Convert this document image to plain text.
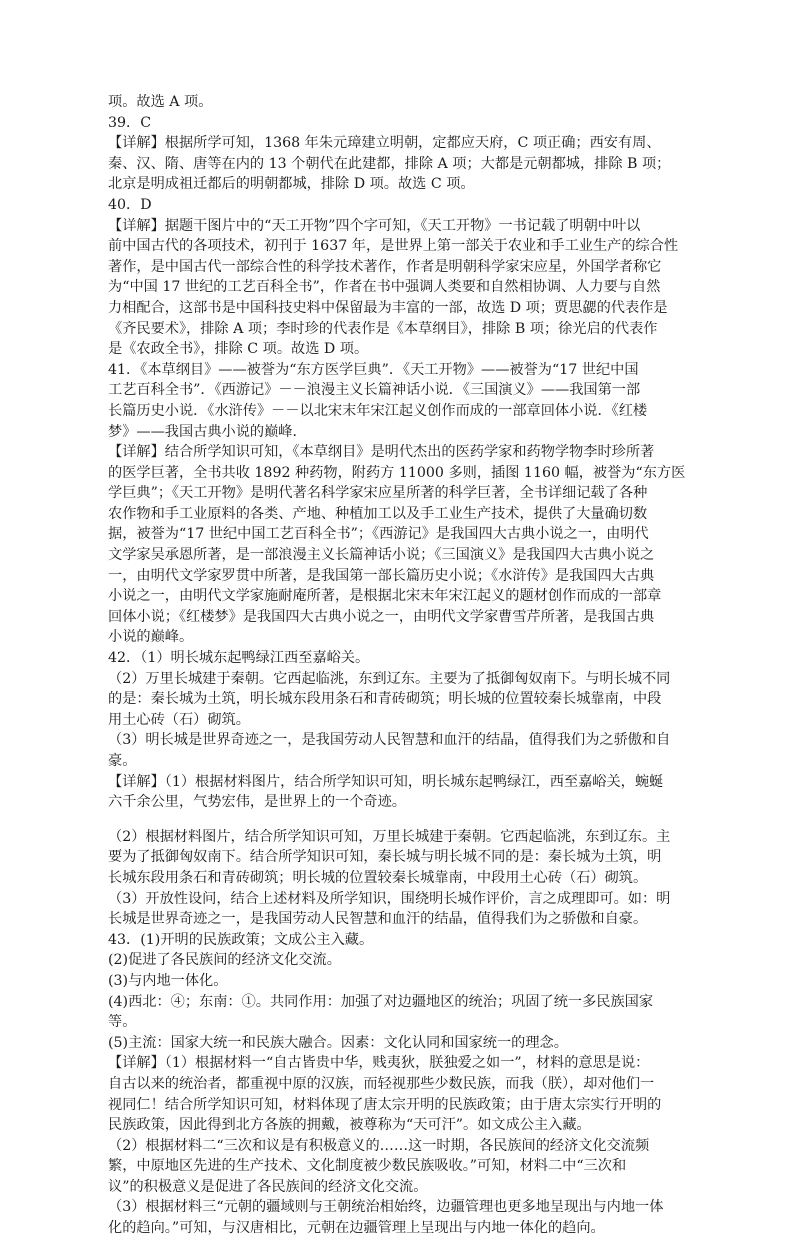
项。故选 A 项。
39．C
【详解】根据所学可知，1368 年朱元璋建立明朝，定都应天府，C 项正确；西安有周、
秦、汉、隋、唐等在内的 13 个朝代在此建都，排除 A 项；大都是元朝都城，排除 B 项；
北京是明成祖迁都后的明朝都城，排除 D 项。故选 C 项。
40．D
【详解】据题干图片中的“天工开物”四个字可知，《天工开物》一书记载了明朝中叶以
前中国古代的各项技术，初刊于 1637 年，是世界上第一部关于农业和手工业生产的综合性
著作，是中国古代一部综合性的科学技术著作，作者是明朝科学家宋应星，外国学者称它
为“中国 17 世纪的工艺百科全书”，作者在书中强调人类要和自然相协调、人力要与自然
力相配合，这部书是中国科技史料中保留最为丰富的一部，故选 D 项；贾思勰的代表作是
《齐民要术》，排除 A 项；李时珍的代表作是《本草纲目》，排除 B 项；徐光启的代表作
是《农政全书》，排除 C 项。故选 D 项。
41．《本草纲目》——被誉为“东方医学巨典”．《天工开物》——被誉为“17 世纪中国
工艺百科全书”．《西游记》－－浪漫主义长篇神话小说．《三国演义》——我国第一部
长篇历史小说．《水浒传》－－以北宋末年宋江起义创作而成的一部章回体小说．《红楼
梦》——我国古典小说的巅峰．
【详解】结合所学知识可知，《本草纲目》是明代杰出的医药学家和药物学物李时珍所著
的医学巨著，全书共收 1892 种药物，附药方 11000 多则，插图 1160 幅，被誉为“东方医
学巨典”；《天工开物》是明代著名科学家宋应星所著的科学巨著，全书详细记载了各种
农作物和手工业原料的各类、产地、种植加工以及手工业生产技术，提供了大量确切数
据，被誉为“17 世纪中国工艺百科全书”；《西游记》是我国四大古典小说之一，由明代
文学家吴承恩所著，是一部浪漫主义长篇神话小说；《三国演义》是我国四大古典小说之
一，由明代文学家罗贯中所著，是我国第一部长篇历史小说；《水浒传》是我国四大古典
小说之一，由明代文学家施耐庵所著，是根据北宋末年宋江起义的题材创作而成的一部章
回体小说；《红楼梦》是我国四大古典小说之一，由明代文学家曹雪芹所著，是我国古典
小说的巅峰。
42．（1）明长城东起鸭绿江西至嘉峪关。
（2）万里长城建于秦朝。它西起临洮，东到辽东。主要为了抵御匈奴南下。与明长城不同
的是：秦长城为土筑，明长城东段用条石和青砖砌筑；明长城的位置较秦长城靠南，中段
用土心砖（石）砌筑。
（3）明长城是世界奇迹之一，是我国劳动人民智慧和血汗的结晶，值得我们为之骄傲和自
豪。
【详解】（1）根据材料图片，结合所学知识可知，明长城东起鸭绿江，西至嘉峪关，蜿蜒
六千余公里，气势宏伟，是世界上的一个奇迹。
（2）根据材料图片，结合所学知识可知，万里长城建于秦朝。它西起临洮，东到辽东。主
要为了抵御匈奴南下。结合所学知识可知，秦长城与明长城不同的是：秦长城为土筑，明
长城东段用条石和青砖砌筑；明长城的位置较秦长城靠南，中段用土心砖（石）砌筑。
（3）开放性设问，结合上述材料及所学知识，围绕明长城作评价，言之成理即可。如：明
长城是世界奇迹之一，是我国劳动人民智慧和血汗的结晶，值得我们为之骄傲和自豪。
43．(1)开明的民族政策；文成公主入藏。
(2)促进了各民族间的经济文化交流。
(3)与内地一体化。
(4)西北：④；东南：①。共同作用：加强了对边疆地区的统治；巩固了统一多民族国家
等。
(5)主流：国家大统一和民族大融合。因素：文化认同和国家统一的理念。
【详解】（1）根据材料一“自古皆贵中华，贱夷狄，朕独爱之如一”，材料的意思是说：
自古以来的统治者，都重视中原的汉族，而轻视那些少数民族，而我（朕），却对他们一
视同仁！结合所学知识可知，材料体现了唐太宗开明的民族政策；由于唐太宗实行开明的
民族政策，因此得到北方各族的拥戴，被尊称为“天可汗”。如文成公主入藏。
（2）根据材料二“三次和议是有积极意义的……这一时期，各民族间的经济文化交流频
繁，中原地区先进的生产技术、文化制度被少数民族吸收。”可知，材料二中“三次和
议”的积极意义是促进了各民族间的经济文化交流。
（3）根据材料三“元朝的疆域则与王朝统治相始终，边疆管理也更多地呈现出与内地一体
化的趋向。”可知，与汉唐相比，元朝在边疆管理上呈现出与内地一体化的趋向。
